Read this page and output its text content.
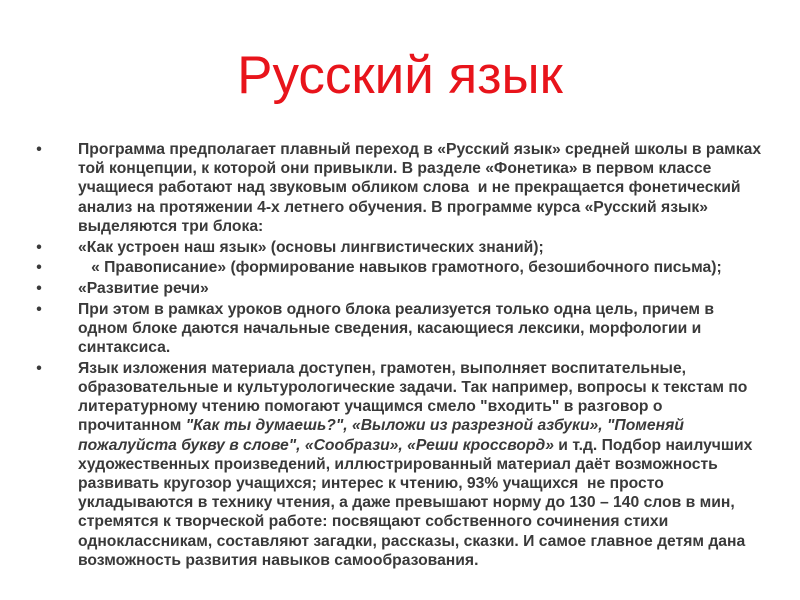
Русский язык
• Программа предполагает плавный переход в «Русский язык» средней школы в рамках той концепции, к которой они привыкли. В разделе «Фонетика» в первом классе учащиеся работают над звуковым обликом слова  и не прекращается фонетический анализ на протяжении 4-х летнего обучения. В программе курса «Русский язык» выделяются три блока:
• «Как устроен наш язык» (основы лингвистических знаний);
• « Правописание» (формирование навыков грамотного, безошибочного письма);
• «Развитие речи»
• При этом в рамках уроков одного блока реализуется только одна цель, причем в одном блоке даются начальные сведения, касающиеся лексики, морфологии и синтаксиса.
• Язык изложения материала доступен, грамотен, выполняет воспитательные, образовательные и культурологические задачи. Так например, вопросы к текстам по литературному чтению помогают учащимся смело "входить" в разговор о прочитанном "Как ты думаешь?", «Выложи из разрезной азбуки», "Поменяй пожалуйста букву в слове", «Сообрази», «Реши кроссворд» и т.д. Подбор наилучших художественных произведений, иллюстрированный материал даёт возможность развивать кругозор учащихся; интерес к чтению, 93% учащихся  не просто укладываются в технику чтения, а даже превышают норму до 130 – 140 слов в мин, стремятся к творческой работе: посвящают собственного сочинения стихи одноклассникам, составляют загадки, рассказы, сказки. И самое главное детям дана возможность развития навыков самообразования.
